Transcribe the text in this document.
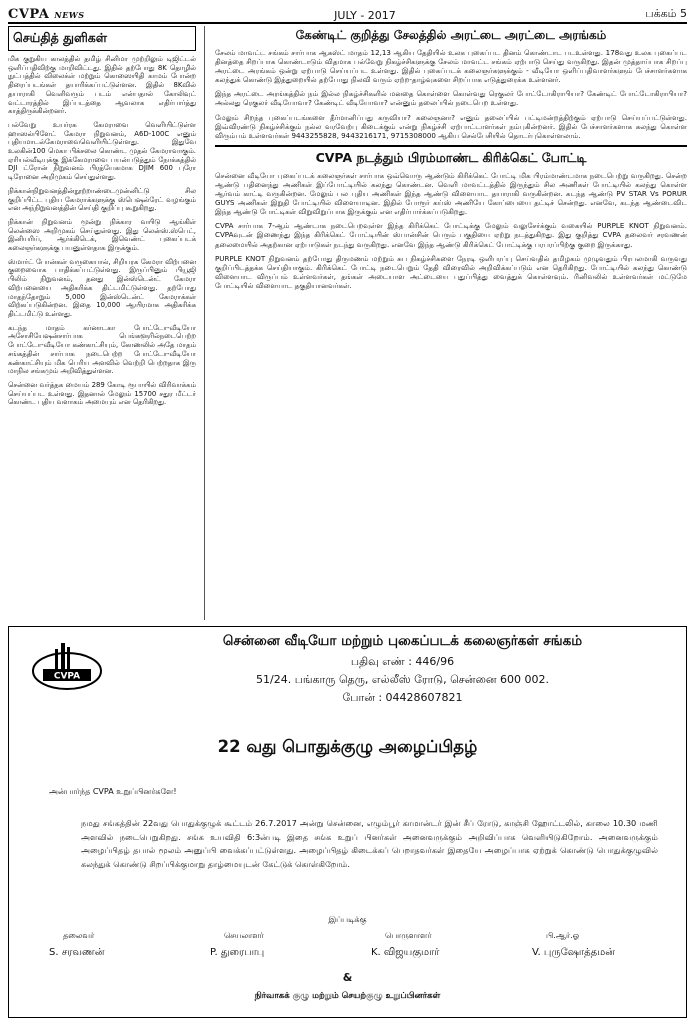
CVPA NEWS	JULY - 2017	பக்கம் 5
செய்தித் துளிகள்

மிக குறுகிய காலத்தில் தமிழ் சினிமா முற்றிலும் டிஜிட்டல் ஒளிப்பதிவிற்கு மாறிவிட்டது. இதில் தற்போது 8K தொழில் நுட்பத்தில் விலைக்ள் மற்றும் கொஸையிதி காமம் போன்ற திரைப்படங்கள் தயாரிக்கப்பட்டுள்ளன. இதில் 8Kவில் தயாராகி வெளிவரும் படம் என்பதால் கோலிவுட் வட்டாரத்தில் இப்படத்தை ஆவலாக எதிர்பார்த்து காத்திருக்கின்றனர்.

பல்வேறு உயர்ரக கேமராவை வெளியிட்டுள்ள ஹாஸல்பிளேட் கேமரா நிறுவனம், A6D-100C எனும் புதியமாடல்கேமராவைவெளியிட்டுள்ளது. இதுவே உலகின்100 மெகா பிக்சலை கொண்ட முதல் கேமராவாகும். ஏரியல்வீடியுக்கு இக்கேமராவை பயன்படுத்தும் நோக்கத்தில் DJI ட்ரோன் நிறுவனம் பிரத்யேகமாக DJIM 600 புரோ டிரோனை அறிமுகம் செய்துள்ளது.

நிக்கான்நிறுவனத்தின்நூற்றாண்டைமுன்னிட்டு சில குறிப்பிட்ட புதிய கேமராக்களுக்கு ஸ்பெஷல்ரேட் வழங்கும் என அந்நிறுவனத்தின் செய்தி குறிப்பு கூறுகிறது.

நிக்கான் நிறுவனம் மூன்று நிக்கார வயிடு ஆங்கிள் லென்ஸை அறிமுகம் செய்துள்ளது. இது லென்ஸ்.ஸ்பெட், இனியரிய், ஆர்க்கிடெக், இவெண்ட் புகைப்படக் கலைஞர்களுக்கு பயனுள்ளதாக இருக்கும்.

ஸ்மார்ட் போன்கள் வருகையால், சிறியரக கேமரா விற்பனை குறைவைாக பாதிக்கப்பட்டுள்ளது. இருப்பினும் பியூஜி பிலிம் நிறுவனம், தனது இன்ஸ்டென்ட் கேமரா விற்பனையை அதிகரிக்க திட்டமிட்டுள்ளது. தற்போது மாதந்தோறும் 5,000 இன்ஸ்டென்ட் கேமராக்கள் விற்கப்படுகின்றன. இதை 10,000 ஆயிரமாக அதிகரிக்க திட்டமிட்டு உள்ளது.

கடந்த மாதம் கர்னாடகா போட்டோ-வீடியோ அசோசியேஷன்சார்பாக பெங்களூரில்நடைபெற்ற போட்டோ-வீடியோ கண்காட்சியும், கோணலில் அதே மாதம் சங்கத்தின் சார்பாக நடைபெற்ற போட்டோ-வீடியோ கண்காட்சியும் மிக பெரிய அளவில் வெற்றி பெற்றதாக இரு மாநில சங்கமும் அறிவித்துள்ளன.

சென்னை வர்த்தக மையம் 289 கோடி ரூபாயில் விரிவாக்கம் செய்யப்பட உள்ளது. இதனால் மேலும் 15700 சதுர மீட்டர் கொண்ட புதிய வளாகம் அமையும் என தெரிகிறது.

கேண்டிட் குறித்து சேலத்தில் அரட்டை அரட்டை அரங்கம்

சேலம் மாவட்ட சங்கம் சார்பாக ஆகஸ்ட் மாதம் 12,13 ஆகிய தேதியில் உலக புகைப்பட தினம் கொண்டாட படஉள்ளது. 178வது உலக புகைப்பட தினத்தை சிறப்பாக கொண்டாடும் விதமாக பல்வேறு நிகழ்ச்சிகளுக்கு சேலம் மாவட்ட சங்கம் ஏற்பாடு செய்து வருகிறது. இதன் முத்தாய்பாக சிறப்பு அரட்டை அரங்கம் ஒன்று ஏற்பாடு செய்யப்பட உள்ளது. இதில் புகைப்படக் கலைஞர்களுக்கும் - வீடியோ ஒளிப்பதிவாளர்களும் பேச்சாளர்களாக கலந்துக் கொண்டு இத்துறையில் தற்போது நிலவி வரும் ஏற்ற-தாழ்வுகளை சிறப்பாக எடுத்துரைக்க உள்ளனர்.

இந்த அரட்டை அரங்கத்தில் நம் இல்ல நிகழ்ச்சிகளில் மனதை கொள்ளை கொள்வது ரெகுலர் போட்டோகிராபியா? கேண்டிட் போட்டோகிராபியா? அல்லது ரெகுலர் வீடியோவா? கேண்டிட் வீடியோவா? என்னும் தலைப்பில் நடைபெற உள்ளது.

மேலும் சிறந்த புகைப்படங்களை தீர்மானிப்பது கருவியா? கலைஞனா? எனும் தலைப்பில் பட்டிமன்றத்திற்கும் ஏற்பாடு செய்யப்பட்டுள்ளது. இவ்விரண்டு நிகழ்ச்சிக்கும் நல்ல வரவேற்பு கிடைக்கும் என்று நிகழ்ச்சி ஏற்பாட்டாளர்கள் நம்புகின்றனர். இதில் பேச்சாளர்களாக கலந்து கொள்ள விரும்பம் உள்ளவர்கள் 9443255828, 9443216171, 9715308000 ஆகிய செல்பேசியில் தொடர்புகொள்ளலாம்.

CVPA நடத்தும் பிரம்மாண்ட கிரிக்கெட் போட்டி

சென்னை வீடியோ புகைப்படக் கலைஞர்கள் சார்பாக ஒவ்வொரு ஆண்டும் கிரிக்கெட் போட்டி மிக பிரம்மாண்டமாக நடைபெற்று வருகிறது. சென்ற ஆண்டு பதினைந்து அணிகள் இப்போட்டியில் கலந்து கொண்டன. வெளி மாவட்டத்தில் இருந்தும் சில அணிகள் போட்டியில் கலந்து கொள்ள ஆர்வம் காட்டி வருகின்றன. மேலும் பல புதிய அணிகள் இந்த ஆண்டு விளையாட தயாராகி வருகின்றன. கடந்த ஆண்டு PV STAR Vs PORUR GUYS அணிகள் இறுதி போட்டியில் விளையாடின. இதில் போரூர் கய்ஸ் அணியே கோப்பையை தட்டிச் சென்றது. எனவே, கடந்த ஆண்டைவிட இந்த ஆண்டு போட்டிகள் விறுவிறுப்பாக இருக்கும் என எதிர்பார்க்கப்படுகிறது.

CVPA சார்பாக 7-ஆம் ஆண்டாக நடைபெறவுள்ள இந்த கிரிக்கெட் போட்டிக்கு மேலும் வலுசேர்க்கும் வகையில் PURPLE KNOT நிறுவனம். CVPAவுடன் இணைந்து இந்த கிரிக்கெட் போட்டியின் ஸ்பான்சின் பெரும் பகுதியை ஏற்று நடத்துகிறது. இது குறித்து CVPA தலைவர் சரவணன் தலைமையில் அதற்கான ஏற்பாடுகள் நடந்து வருகிறது. எனவே இந்த ஆண்டு கிரிக்கெட் போட்டிக்கு பரபரப்பிற்கு குறை இருக்காது.

PURPLE KNOT நிறுவனம் தற்போது திருமணம் மற்றும் சுப நிகழ்ச்சிகளை நேரடி ஒளிபரப்பு செய்வதில் தமிழகம் முழுவதும் பிரபலமாகி வருவது குறிப்பிடத்தக்க செய்தியாகும். கிரிக்கெட் போட்டி நடைபெறும் தேதி விரைவில் அறிவிக்கப்படும் என தெரிகிறது. போட்டியில் கலந்து கொண்டு விளையாட விருப்பம் உள்ளவர்கள், தங்கள் அடையாள அட்டையை புதுப்பித்து வைத்துக் கொள்ளவும். ரினிவலில் உள்ளவர்கள் மட்டுமே போட்டியில் விளையாட தகுதியானவர்கள்.

CVPA
சென்னை வீடியோ மற்றும் புகைப்படக் கலைஞர்கள் சங்கம்
பதிவு எண் : 446/96
51/24. பங்காரு தெரு, எல்லீஸ் ரோடு, சென்னை 600 002.
போன் : 04428607821
22 வது பொதுக்குழு அழைப்பிதழ்
அன்பார்ந்த CVPA உறுப்பினர்களே!
நமது சங்கத்தின் 22வது பொதுக்குழுக் கூட்டம் 26.7.2017 அன்று சென்னை, எழும்பூர் காமான்டர் இன் சீப் ரோடு, காஞ்சி ஹோட்டலில், காலை 10.30 மணி அளவில் நடைபெறுகிறது. சங்க உயவிதி 6:3ன்படி இதை சங்க உறுப் பினர்கள் அனைவருக்கும் அறிவிப்பாக வெளியிடுகிறோம். அனைவருக்கும் அழைப்பிதழ் தபால் மூலம் அனுப்பி வைக்கப்பட்டுள்ளது. அழைப்பிதழ் கிடைக்கப் பெறாதவர்கள் இதையே அழைப்பாக ஏற்றுக் கொண்டு பொதுக்குழுவில் கலந்துக் கொண்டு சிறப்பிக்குமாறு தாழ்மையுடன் கேட்டுக் கொள்கிறோம்.
இப்படிக்கு
தலைவர்
S. சரவணன்
செயலாளர்
P. துரைபாபு
பொருளாளர்
K. விஜயகுமார்
பி.ஆர்.ஓ
V. புருஷோத்தமன்
&
நிர்வாகக் குழு மற்றும் செயற்குழு உறுப்பினர்கள்
